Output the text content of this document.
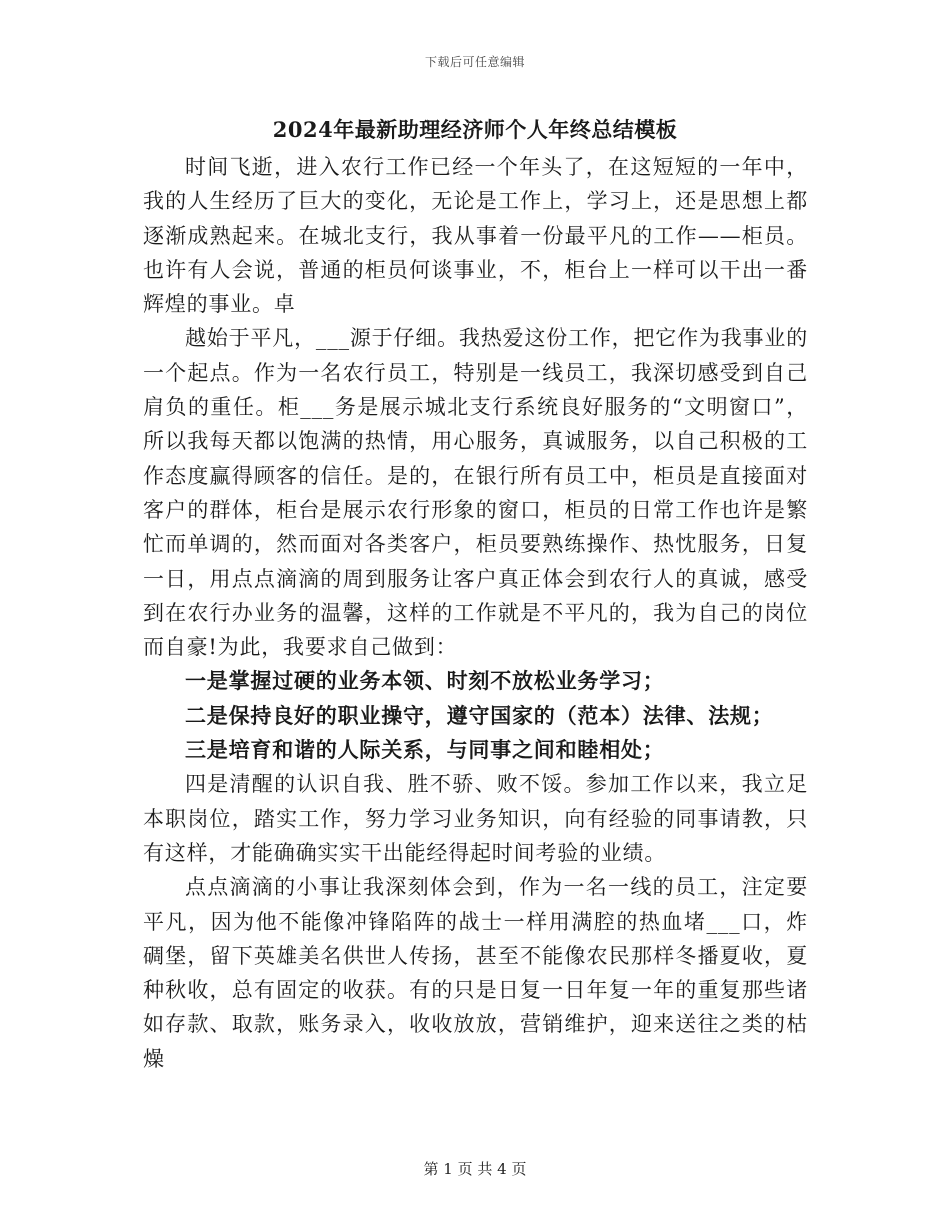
下载后可任意编辑
2024年最新助理经济师个人年终总结模板

时间飞逝，进入农行工作已经一个年头了，在这短短的一年中，我的人生经历了巨大的变化，无论是工作上，学习上，还是思想上都逐渐成熟起来。在城北支行，我从事着一份最平凡的工作——柜员。也许有人会说，普通的柜员何谈事业，不，柜台上一样可以干出一番辉煌的事业。卓

越始于平凡，___源于仔细。我热爱这份工作，把它作为我事业的一个起点。作为一名农行员工，特别是一线员工，我深切感受到自己肩负的重任。柜___务是展示城北支行系统良好服务的“文明窗口”，所以我每天都以饱满的热情，用心服务，真诚服务，以自己积极的工作态度赢得顾客的信任。是的，在银行所有员工中，柜员是直接面对客户的群体，柜台是展示农行形象的窗口，柜员的日常工作也许是繁忙而单调的，然而面对各类客户，柜员要熟练操作、热忱服务，日复一日，用点点滴滴的周到服务让客户真正体会到农行人的真诚，感受到在农行办业务的温馨，这样的工作就是不平凡的，我为自己的岗位而自豪!为此，我要求自己做到：

一是掌握过硬的业务本领、时刻不放松业务学习；

二是保持良好的职业操守，遵守国家的（范本）法律、法规；

三是培育和谐的人际关系，与同事之间和睦相处；

四是清醒的认识自我、胜不骄、败不馁。参加工作以来，我立足本职岗位，踏实工作，努力学习业务知识，向有经验的同事请教，只有这样，才能确确实实干出能经得起时间考验的业绩。

点点滴滴的小事让我深刻体会到，作为一名一线的员工，注定要平凡，因为他不能像冲锋陷阵的战士一样用满腔的热血堵___口，炸碉堡，留下英雄美名供世人传扬，甚至不能像农民那样冬播夏收，夏种秋收，总有固定的收获。有的只是日复一日年复一年的重复那些诸如存款、取款，账务录入，收收放放，营销维护，迎来送往之类的枯燥

第 1 页 共 4 页
